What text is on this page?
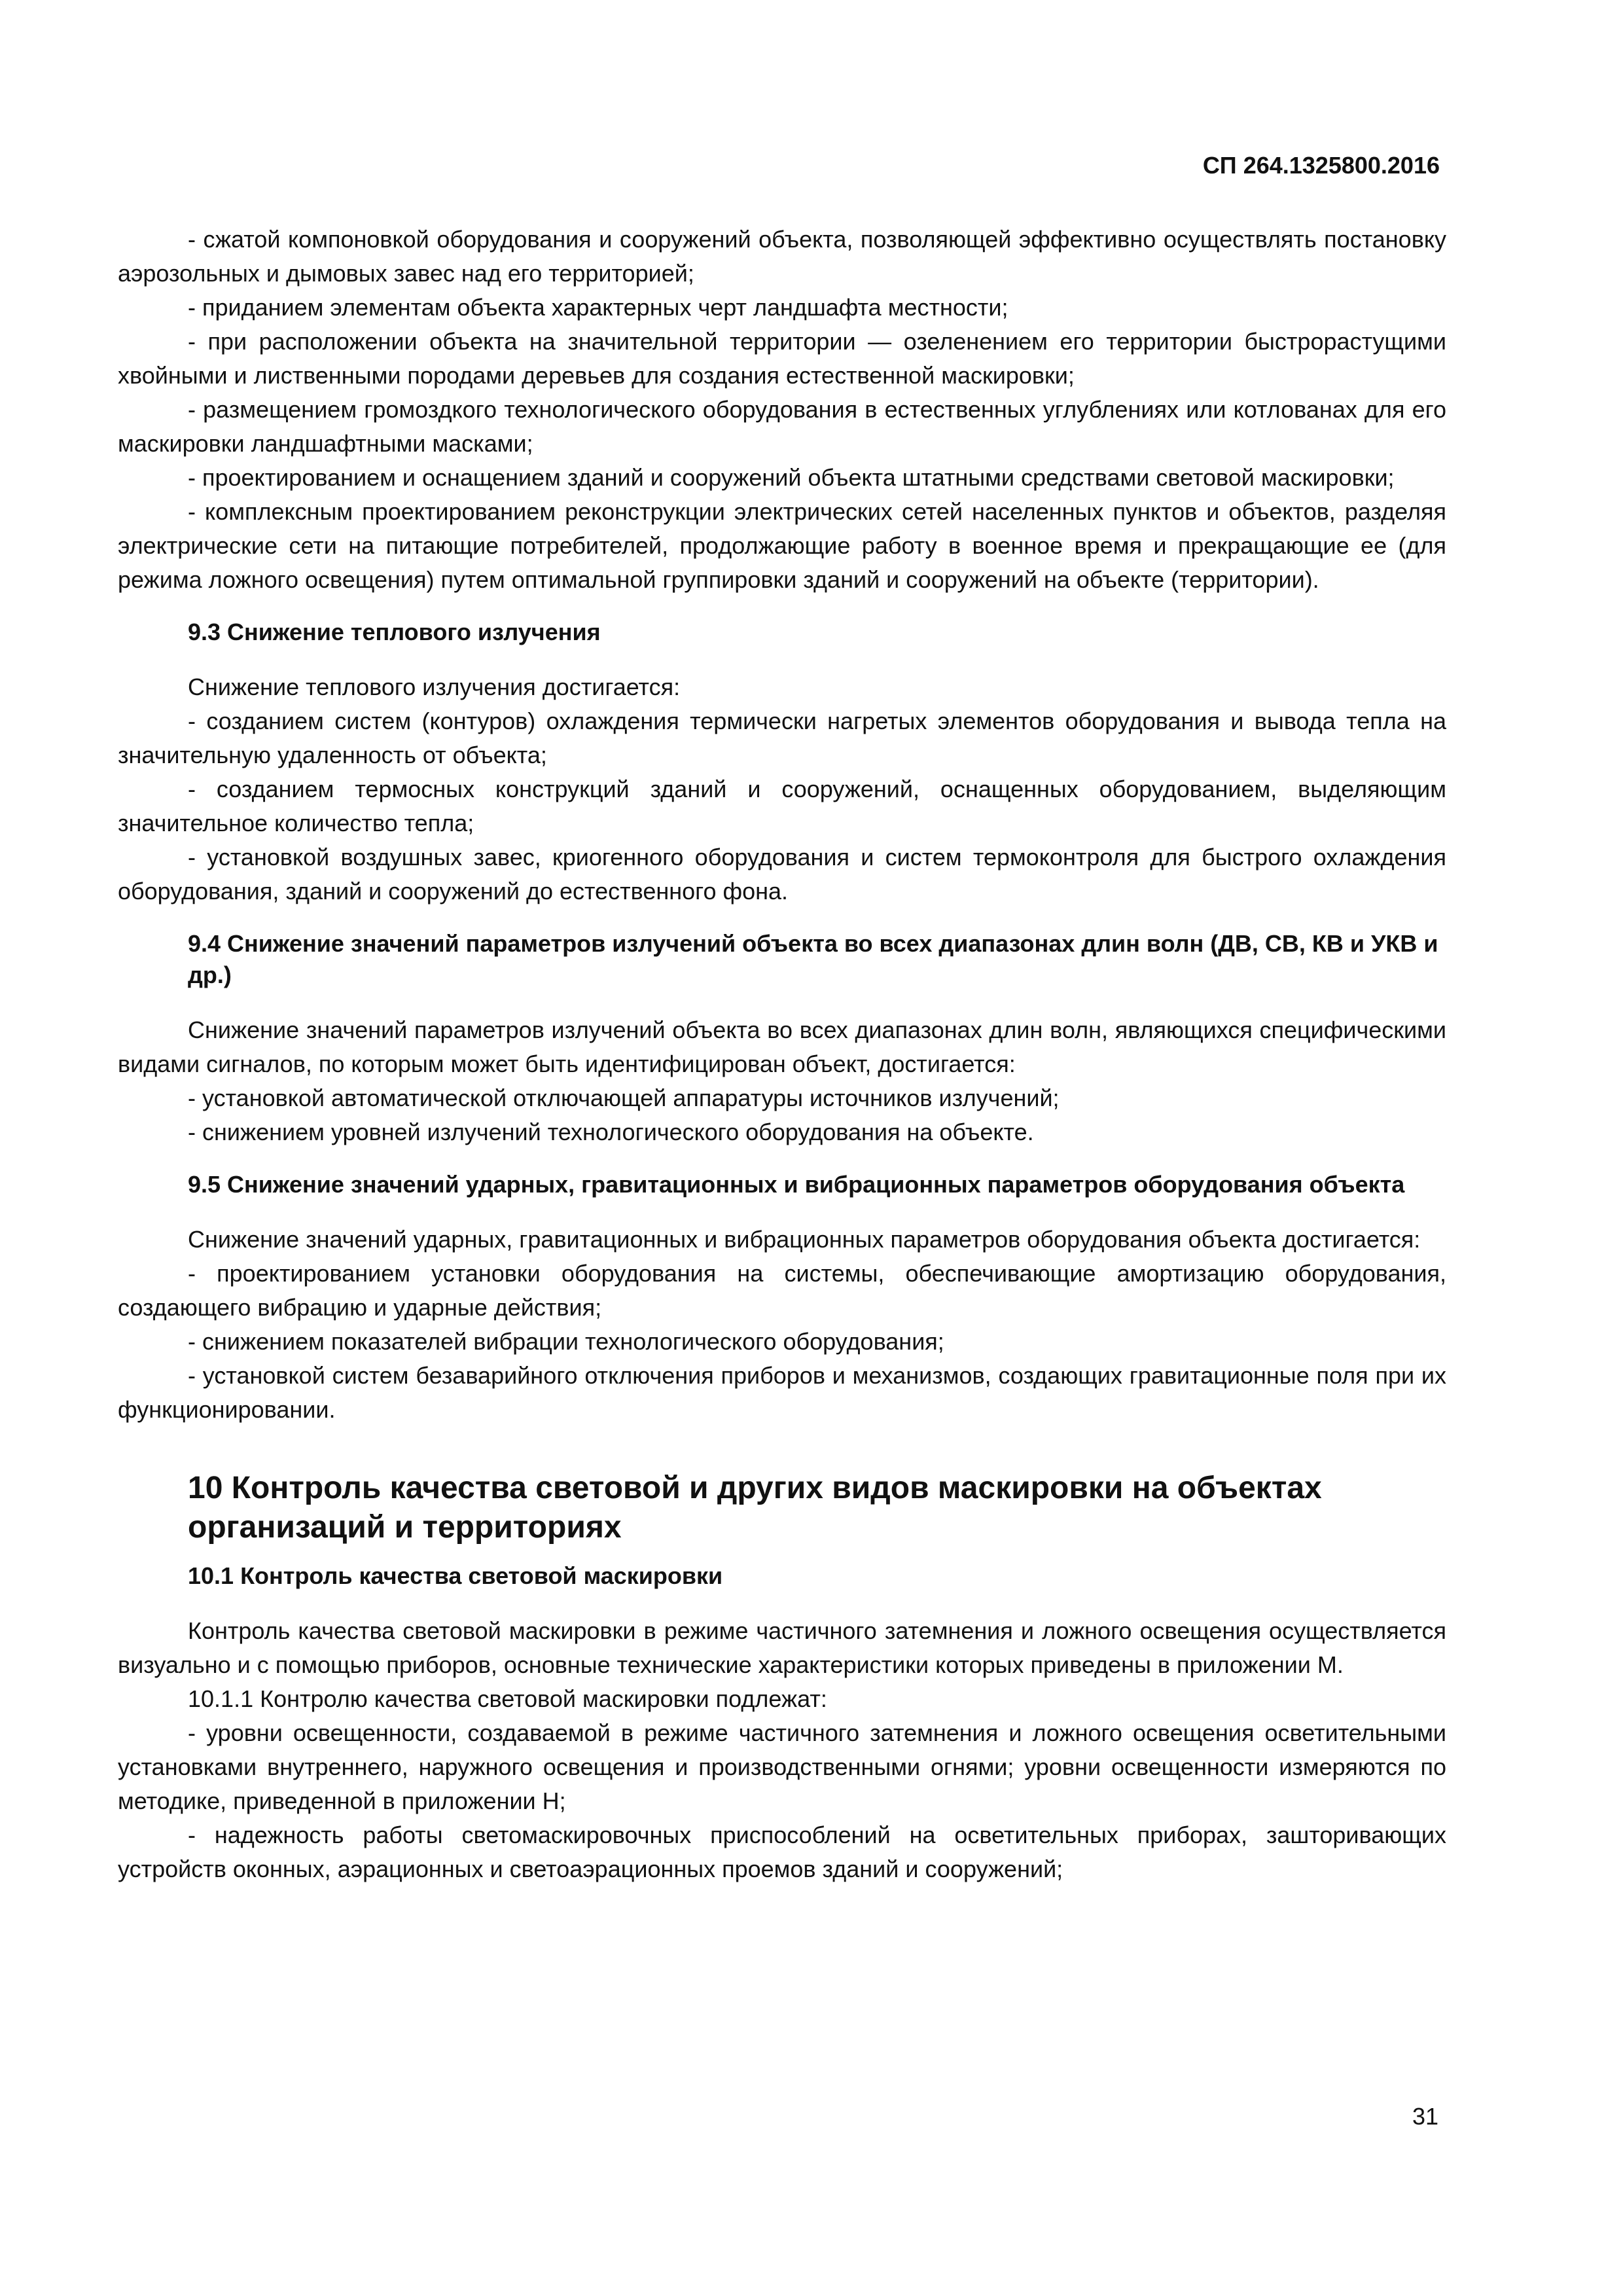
СП 264.1325800.2016

- сжатой компоновкой оборудования и сооружений объекта, позволяющей эффективно осуществлять постановку аэрозольных и дымовых завес над его территорией;

- приданием элементам объекта характерных черт ландшафта местности;

- при расположении объекта на значительной территории — озеленением его территории быстрорастущими хвойными и лиственными породами деревьев для создания естественной маскировки;

- размещением громоздкого технологического оборудования в естественных углублениях или котлованах для его маскировки ландшафтными масками;

- проектированием и оснащением зданий и сооружений объекта штатными средствами световой маскировки;

- комплексным проектированием реконструкции электрических сетей населенных пунктов и объектов, разделяя электрические сети на питающие потребителей, продолжающие работу в военное время и прекращающие ее (для режима ложного освещения) путем оптимальной группировки зданий и сооружений на объекте (территории).

9.3 Снижение теплового излучения

Снижение теплового излучения достигается:

- созданием систем (контуров) охлаждения термически нагретых элементов оборудования и вывода тепла на значительную удаленность от объекта;

- созданием термосных конструкций зданий и сооружений, оснащенных оборудованием, выделяющим значительное количество тепла;

- установкой воздушных завес, криогенного оборудования и систем термоконтроля для быстрого охлаждения оборудования, зданий и сооружений до естественного фона.

9.4 Снижение значений параметров излучений объекта во всех диапазонах длин волн (ДВ, СВ, КВ и УКВ и др.)

Снижение значений параметров излучений объекта во всех диапазонах длин волн, являющихся специфическими видами сигналов, по которым может быть идентифицирован объект, достигается:

- установкой автоматической отключающей аппаратуры источников излучений;

- снижением уровней излучений технологического оборудования на объекте.

9.5 Снижение значений ударных, гравитационных и вибрационных параметров оборудования объекта

Снижение значений ударных, гравитационных и вибрационных параметров оборудования объекта достигается:

- проектированием установки оборудования на системы, обеспечивающие амортизацию оборудования, создающего вибрацию и ударные действия;

- снижением показателей вибрации технологического оборудования;

- установкой систем безаварийного отключения приборов и механизмов, создающих гравитационные поля при их функционировании.

10 Контроль качества световой и других видов маскировки на объектах организаций и территориях
10.1 Контроль качества световой маскировки

Контроль качества световой маскировки в режиме частичного затемнения и ложного освещения осуществляется визуально и с помощью приборов, основные технические характеристики которых приведены в приложении М.

10.1.1 Контролю качества световой маскировки подлежат:

- уровни освещенности, создаваемой в режиме частичного затемнения и ложного освещения осветительными установками внутреннего, наружного освещения и производственными огнями; уровни освещенности измеряются по методике, приведенной в приложении Н;

- надежность работы светомаскировочных приспособлений на осветительных приборах, зашторивающих устройств оконных, аэрационных и светоаэрационных проемов зданий и сооружений;

31
